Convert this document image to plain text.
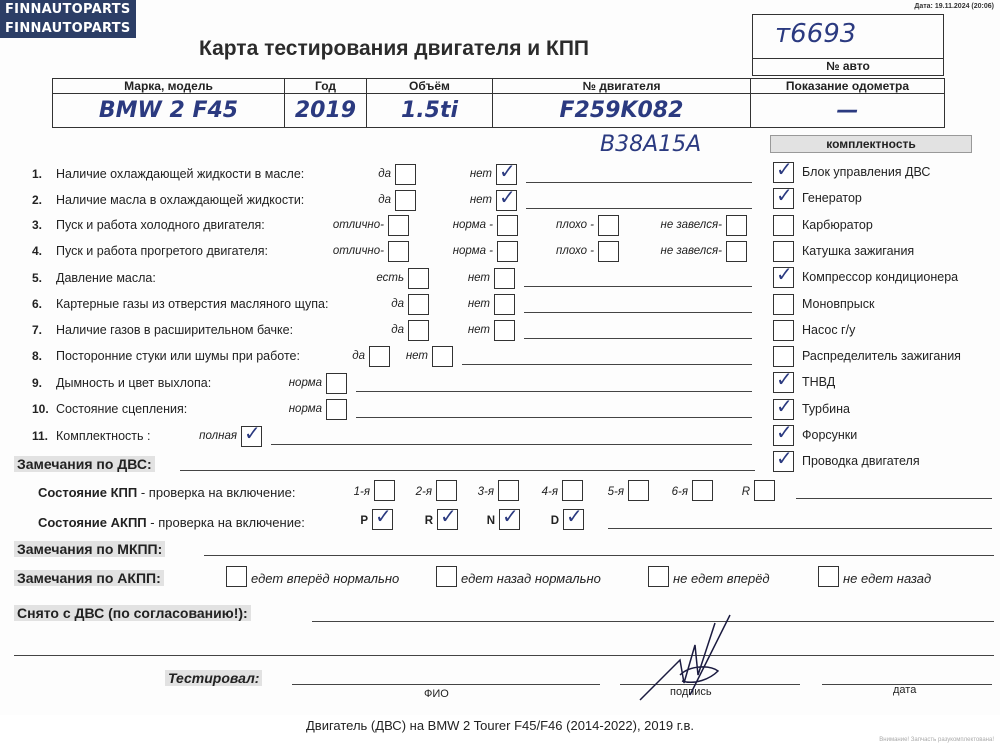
FINNAUTOPARTS
FINNAUTOPARTS
Дата: 19.11.2024 (20:06)
Карта тестирования двигателя и КПП	т6693
№ авто
Марка, модель	Год	Объём	№ двигателя	Показание одометра
BMW 2 F45	2019	1.5ti	F259K082	—
B38A15A	комплектность
1. Наличие охлаждающей жидкости в масле:	да	нет ✓
2. Наличие масла в охлаждающей жидкости:	да	нет ✓
3. Пуск и работа холодного двигателя:	отлично-	норма -	плохо -	не завелся-
4. Пуск и работа прогретого двигателя:	отлично-	норма -	плохо -	не завелся-
5. Давление масла:	есть	нет
6. Картерные газы из отверстия масляного щупа:	да	нет
7. Наличие газов в расширительном бачке:	да	нет
8. Посторонние стуки или шумы при работе:	да	нет
9. Дымность и цвет выхлопа:	норма
10. Состояние сцепления:	норма
11. Комплектность :	полная ✓
✓ Блок управления ДВС
✓ Генератор
Карбюратор
Катушка зажигания
✓ Компрессор кондиционера
Моновпрыск
Насос г/у
Распределитель зажигания
✓ ТНВД
✓ Турбина
✓ Форсунки
✓ Проводка двигателя
Замечания по ДВС:
Состояние КПП - проверка на включение:	1-я	2-я	3-я	4-я	5-я	6-я	R
Состояние АКПП - проверка на включение:	P ✓	R ✓	N ✓	D ✓
Замечания по МКПП:
Замечания по АКПП:	едет вперёд нормально	едет назад нормально	не едет вперёд	не едет назад
Снято с ДВС (по согласованию!):
Тестировал:
ФИО	подпись	дата
Двигатель (ДВС) на BMW 2 Tourer F45/F46 (2014-2022), 2019 г.в.
Внимание! Запчасть разукомплектована!
